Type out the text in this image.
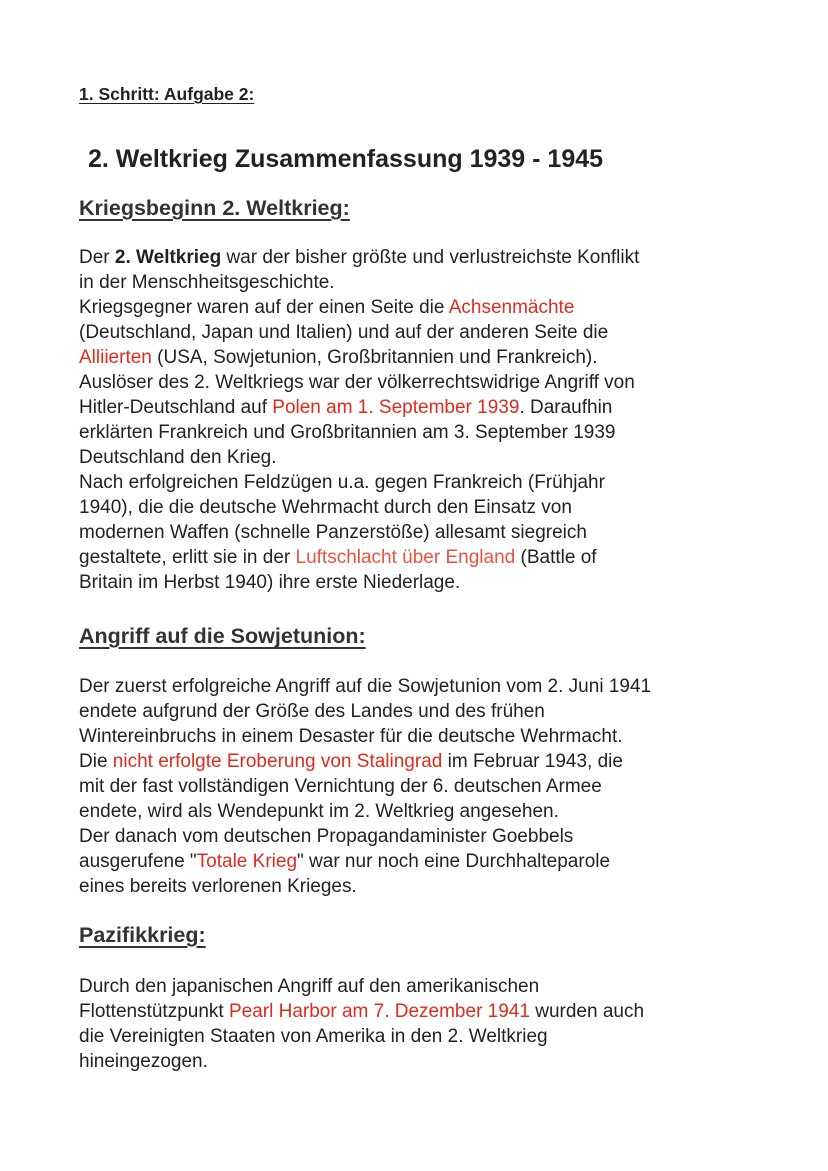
1. Schritt: Aufgabe 2:
2. Weltkrieg Zusammenfassung 1939 - 1945
Kriegsbeginn 2. Weltkrieg:
Der 2. Weltkrieg war der bisher größte und verlustreichste Konflikt
in der Menschheitsgeschichte.
Kriegsgegner waren auf der einen Seite die Achsenmächte
(Deutschland, Japan und Italien) und auf der anderen Seite die
Alliierten (USA, Sowjetunion, Großbritannien und Frankreich).
Auslöser des 2. Weltkriegs war der völkerrechtswidrige Angriff von
Hitler-Deutschland auf Polen am 1. September 1939. Daraufhin
erklärten Frankreich und Großbritannien am 3. September 1939
Deutschland den Krieg.
Nach erfolgreichen Feldzügen u.a. gegen Frankreich (Frühjahr
1940), die die deutsche Wehrmacht durch den Einsatz von
modernen Waffen (schnelle Panzerstöße) allesamt siegreich
gestaltete, erlitt sie in der Luftschlacht über England (Battle of
Britain im Herbst 1940) ihre erste Niederlage.
Angriff auf die Sowjetunion:
Der zuerst erfolgreiche Angriff auf die Sowjetunion vom 2. Juni 1941
endete aufgrund der Größe des Landes und des frühen
Wintereinbruchs in einem Desaster für die deutsche Wehrmacht.
Die nicht erfolgte Eroberung von Stalingrad im Februar 1943, die
mit der fast vollständigen Vernichtung der 6. deutschen Armee
endete, wird als Wendepunkt im 2. Weltkrieg angesehen.
Der danach vom deutschen Propagandaminister Goebbels
ausgerufene "Totale Krieg" war nur noch eine Durchhalteparole
eines bereits verlorenen Krieges.
Pazifikkrieg:
Durch den japanischen Angriff auf den amerikanischen
Flottenstützpunkt Pearl Harbor am 7. Dezember 1941 wurden auch
die Vereinigten Staaten von Amerika in den 2. Weltkrieg
hineingezogen.
